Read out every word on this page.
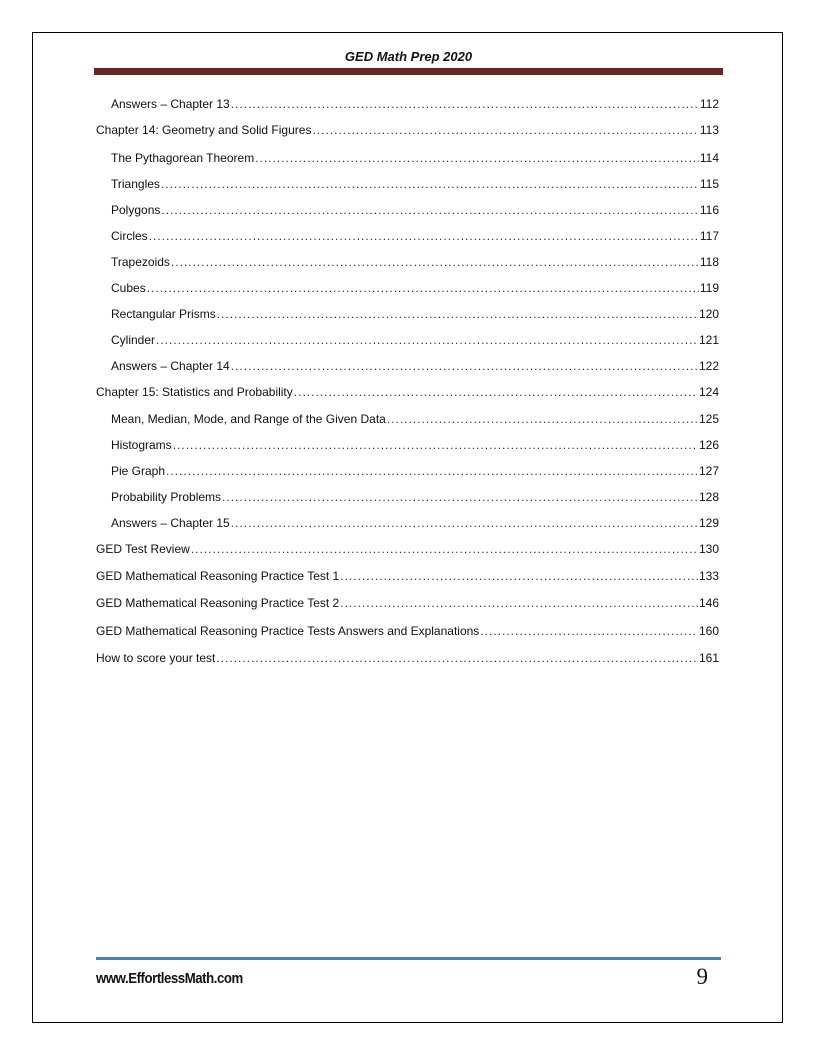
GED Math Prep 2020
Answers – Chapter 13 .....	112
Chapter 14: Geometry and Solid Figures .....	113
The Pythagorean Theorem .....	114
Triangles .....	115
Polygons .....	116
Circles .....	117
Trapezoids .....	118
Cubes .....	119
Rectangular Prisms .....	120
Cylinder .....	121
Answers – Chapter 14 .....	122
Chapter 15: Statistics and Probability .....	124
Mean, Median, Mode, and Range of the Given Data .....	125
Histograms .....	126
Pie Graph .....	127
Probability Problems .....	128
Answers – Chapter 15 .....	129
GED Test Review .....	130
GED Mathematical Reasoning Practice Test 1 .....	133
GED Mathematical Reasoning Practice Test 2 .....	146
GED Mathematical Reasoning Practice Tests Answers and Explanations .....	160
How to score your test .....	161
www.EffortlessMath.com	9
